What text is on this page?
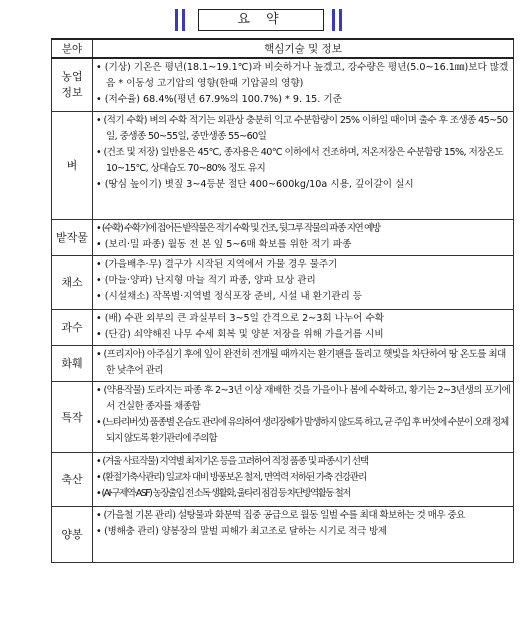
요 약
분야	핵심기술 및 정보
농업정보	• (기상) 기온은 평년(18.1~19.1℃)과 비슷하거나 높겠고, 강수량은 평년(5.0~16.1㎜)보다 많겠음 * 이동성 고기압의 영향(한때 기압골의 영향)
• (저수율) 68.4%(평년 67.9%의 100.7%) * 9. 15. 기준

벼	• (적기 수확) 벼의 수확 적기는 외관상 충분히 익고 수분함량이 25% 이하일 때이며 출수 후 조생종 45~50일, 중생종 50~55일, 중만생종 55~60일
• (건조 및 저장) 일반용은 45℃, 종자용은 40℃ 이하에서 건조하며, 저온저장은 수분함량 15%, 저장온도 10~15℃, 상대습도 70~80% 정도 유지
• (땅심 높이기) 볏짚 3~4등분 절단 400~600kg/10a 시용, 깊이갈이 실시

밭작물	• (수확) 수확기에 접어든 밭작물은 적기 수확 및 건조, 뒷그루 작물의 파종 지연 예방
• (보리·밀 파종) 월동 전 본 잎 5~6매 확보를 위한 적기 파종

채소	• (가을배추·무) 결구가 시작된 지역에서 가물 경우 물주기
• (마늘·양파) 난지형 마늘 적기 파종, 양파 묘상 관리
• (시설채소) 작목별·지역별 정식포장 준비, 시설 내 환기관리 등

과수	• (배) 수관 외부의 큰 과실부터 3~5일 간격으로 2~3회 나누어 수확
• (단감) 쇠약해진 나무 수세 회복 및 양분 저장을 위해 가을거름 시비

화훼	• (프리지아) 아주심기 후에 잎이 완전히 전개될 때까지는 환기팬을 돌리고 햇빛을 차단하여 땅 온도를 최대한 낮추어 관리

특작	• (약용작물) 도라지는 파종 후 2~3년 이상 재배한 것을 가을이나 봄에 수확하고, 황기는 2~3년생의 포기에서 건실한 종자를 채종함
• (느타리버섯) 품종별 온습도 관리에 유의하여 생리장해가 발생하지 않도록 하고, 균 주입 후 버섯에 수분이 오래 정체되지 않도록 환기관리에 주의함

축산	• (겨울 사료작물) 지역별 최저기온 등을 고려하여 적정 품종 및 파종시기 선택
• (환절기축사관리) 일교차 대비 방풍보온 철저, 면역력 저하된 가축 건강관리
• (AI·구제역·ASF) 농장출입 전 소독 생활화, 울타리 점검 등 차단방역활동 철저

양봉	• (가을철 기본 관리) 설탕물과 화분떡 집중 공급으로 월동 일벌 수를 최대 확보하는 것 매우 중요
• (병해충 관리) 양봉장의 말벌 피해가 최고조로 달하는 시기로 적극 방제
